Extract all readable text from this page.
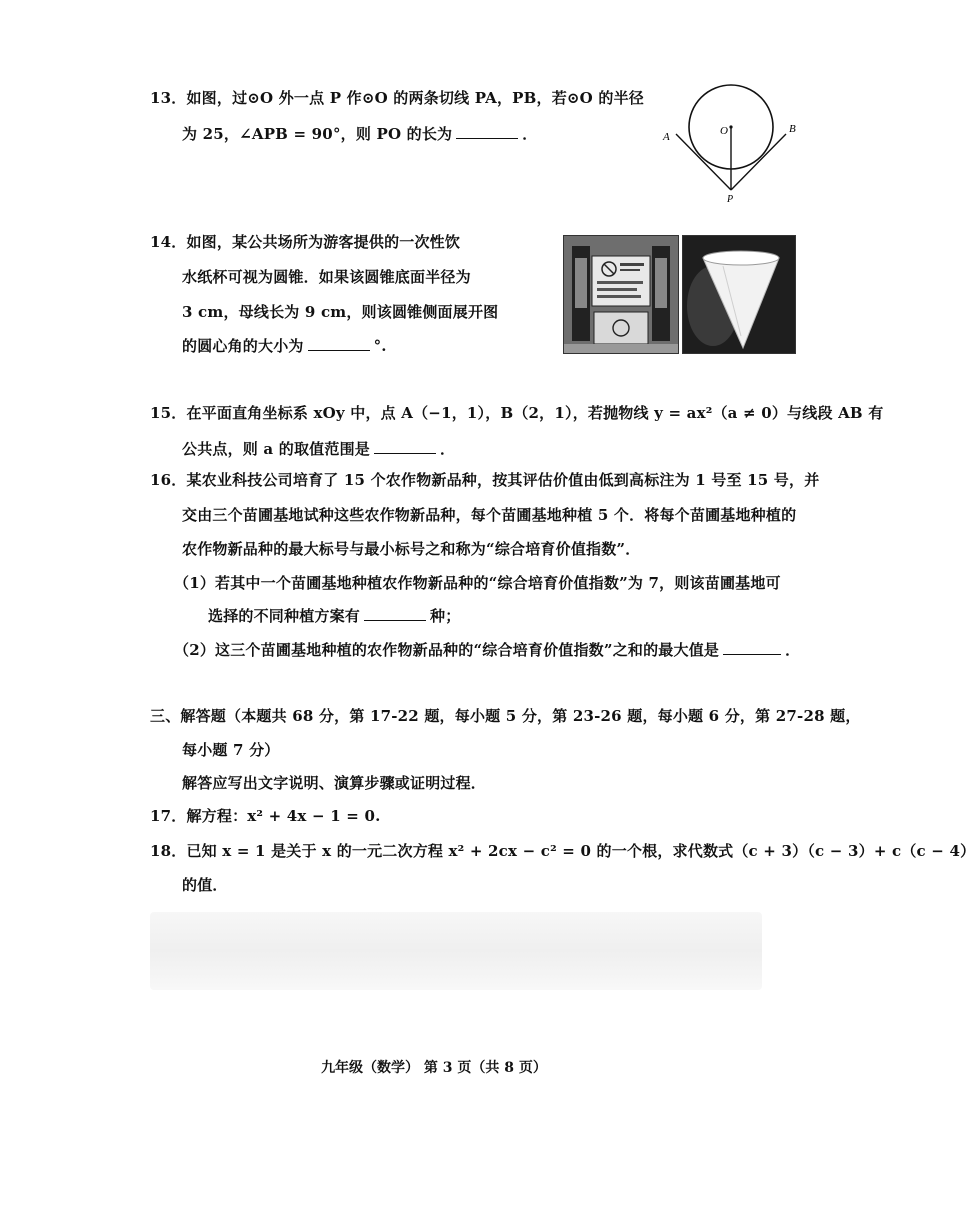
13．如图，过⊙O 外一点 P 作⊙O 的两条切线 PA，PB，若⊙O 的半径
为 25，∠APB = 90°，则 PO 的长为	．	A
B
O
P
14．如图，某公共场所为游客提供的一次性饮
水纸杯可视为圆锥．如果该圆锥底面半径为
3 cm，母线长为 9 cm，则该圆锥侧面展开图
的圆心角的大小为	°.
15．在平面直角坐标系 xOy 中，点 A（−1，1），B（2，1），若抛物线 y = ax²（a ≠ 0）与线段 AB 有
公共点，则 a 的取值范围是	．
16．某农业科技公司培育了 15 个农作物新品种，按其评估价值由低到高标注为 1 号至 15 号，并
交由三个苗圃基地试种这些农作物新品种，每个苗圃基地种植 5 个．将每个苗圃基地种植的
农作物新品种的最大标号与最小标号之和称为“综合培育价值指数”．
（1）若其中一个苗圃基地种植农作物新品种的“综合培育价值指数”为 7，则该苗圃基地可
选择的不同种植方案有	种；
（2）这三个苗圃基地种植的农作物新品种的“综合培育价值指数”之和的最大值是	．
三、解答题（本题共 68 分，第 17-22 题，每小题 5 分，第 23-26 题，每小题 6 分，第 27-28 题，
每小题 7 分）
解答应写出文字说明、演算步骤或证明过程．
17．解方程：x² + 4x − 1 = 0.
18．已知 x = 1 是关于 x 的一元二次方程 x² + 2cx − c² = 0 的一个根，求代数式（c + 3）（c − 3）+ c（c − 4）
的值．
九年级（数学） 第 3 页（共 8 页）
